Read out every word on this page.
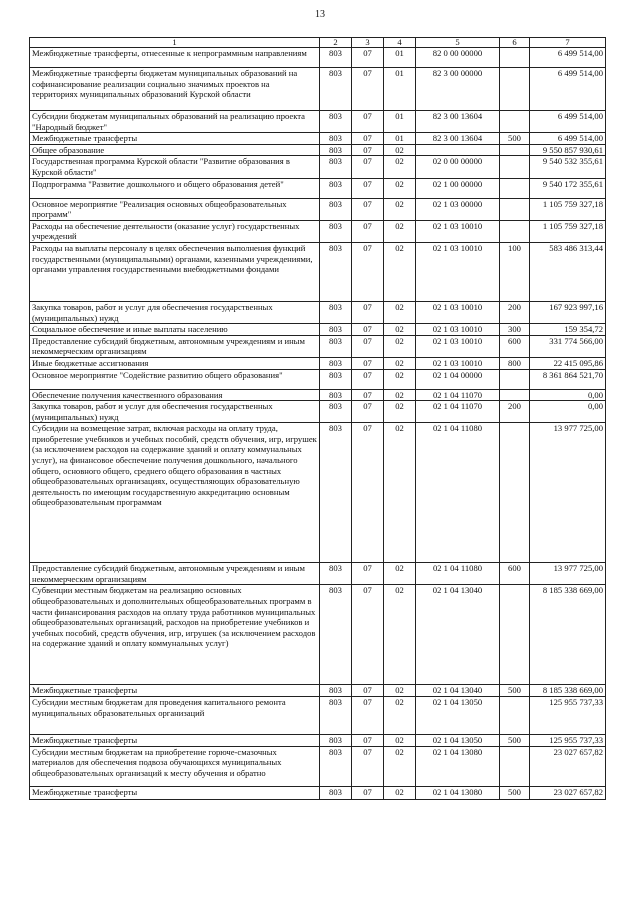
13
1	2	3	4	5	6	7
Межбюджетные трансферты, отнесенные к непрограммным направлениям	803	07	01	82 0 00 00000		6 499 514,00
Межбюджетные трансферты бюджетам муниципальных образований на софинансирование реализации социально значимых проектов на территориях муниципальных образований Курской области	803	07	01	82 3 00 00000		6 499 514,00
Субсидии бюджетам муниципальных образований на реализацию проекта "Народный бюджет"	803	07	01	82 3 00 13604		6 499 514,00
Межбюджетные трансферты	803	07	01	82 3 00 13604	500	6 499 514,00
Общее образование	803	07	02			9 550 857 930,61
Государственная программа Курской области "Развитие образования в Курской области"	803	07	02	02 0 00 00000		9 540 532 355,61
Подпрограмма "Развитие дошкольного и общего образования детей"	803	07	02	02 1 00 00000		9 540 172 355,61
Основное мероприятие "Реализация основных общеобразовательных программ"	803	07	02	02 1 03 00000		1 105 759 327,18
Расходы на обеспечение деятельности (оказание услуг) государственных учреждений	803	07	02	02 1 03 10010		1 105 759 327,18
Расходы на выплаты персоналу в целях обеспечения выполнения функций государственными (муниципальными) органами, казенными учреждениями, органами управления государственными внебюджетными фондами	803	07	02	02 1 03 10010	100	583 486 313,44
Закупка товаров, работ и услуг для обеспечения государственных (муниципальных) нужд	803	07	02	02 1 03 10010	200	167 923 997,16
Социальное обеспечение и иные выплаты населению	803	07	02	02 1 03 10010	300	159 354,72
Предоставление субсидий бюджетным, автономным учреждениям и иным некоммерческим организациям	803	07	02	02 1 03 10010	600	331 774 566,00
Иные бюджетные ассигнования	803	07	02	02 1 03 10010	800	22 415 095,86
Основное мероприятие "Содействие развитию общего образования"	803	07	02	02 1 04 00000		8 361 864 521,70
Обеспечение получения качественного образования	803	07	02	02 1 04 11070		0,00
Закупка товаров, работ и услуг для обеспечения государственных (муниципальных) нужд	803	07	02	02 1 04 11070	200	0,00
Субсидии на возмещение затрат, включая расходы на оплату труда, приобретение учебников и учебных пособий, средств обучения, игр, игрушек (за исключением расходов на содержание зданий и оплату коммунальных услуг), на финансовое обеспечение получения дошкольного, начального общего, основного общего, среднего общего образования в частных общеобразовательных организациях, осуществляющих образовательную деятельность по имеющим государственную аккредитацию основным общеобразовательным программам	803	07	02	02 1 04 11080		13 977 725,00
Предоставление субсидий бюджетным, автономным учреждениям и иным некоммерческим организациям	803	07	02	02 1 04 11080	600	13 977 725,00
Субвенции местным бюджетам на реализацию основных общеобразовательных и дополнительных общеобразовательных программ в части финансирования расходов на оплату труда работников муниципальных общеобразовательных организаций, расходов на приобретение учебников и учебных пособий, средств обучения, игр, игрушек (за исключением расходов на содержание зданий и оплату коммунальных услуг)	803	07	02	02 1 04 13040		8 185 338 669,00
Межбюджетные трансферты	803	07	02	02 1 04 13040	500	8 185 338 669,00
Субсидии местным бюджетам для проведения капитального ремонта муниципальных образовательных организаций	803	07	02	02 1 04 13050		125 955 737,33
Межбюджетные трансферты	803	07	02	02 1 04 13050	500	125 955 737,33
Субсидии местным бюджетам на приобретение горюче-смазочных материалов для обеспечения подвоза обучающихся муниципальных общеобразовательных организаций к месту обучения и обратно	803	07	02	02 1 04 13080		23 027 657,82
Межбюджетные трансферты	803	07	02	02 1 04 13080	500	23 027 657,82
